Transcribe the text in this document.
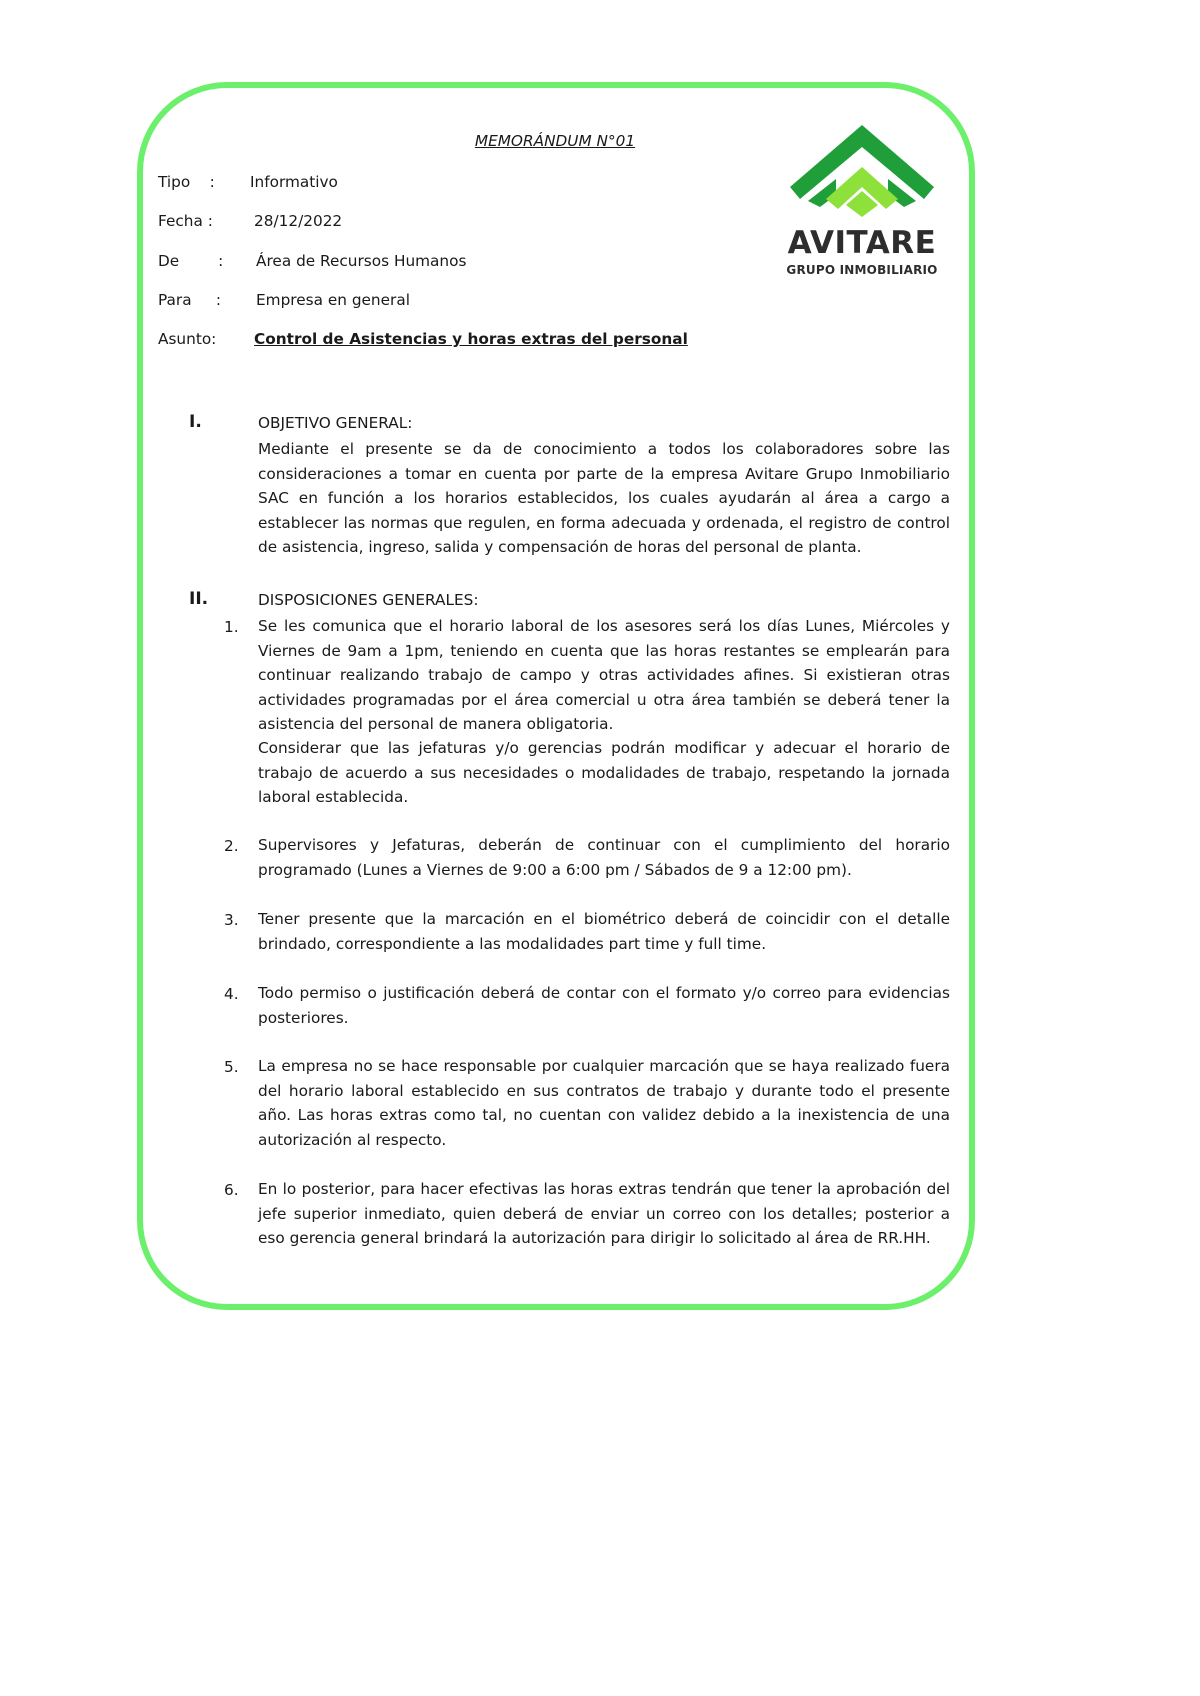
MEMORÁNDUM N°01
Tipo    : Informativo
Fecha :	28/12/2022
De        : Área de Recursos Humanos
Para     : Empresa en general
Asunto: Control de Asistencias y horas extras del personal
AVITARE
GRUPO INMOBILIARIO
I.	OBJETIVO GENERAL:

Mediante el presente se da de conocimiento a todos los colaboradores sobre las consideraciones a tomar en cuenta por parte de la empresa Avitare Grupo Inmobiliario SAC en función a los horarios establecidos, los cuales ayudarán al área a cargo a establecer las normas que regulen, en forma adecuada y ordenada, el registro de control de asistencia, ingreso, salida y compensación de horas del personal de planta.

II.	DISPOSICIONES GENERALES:
1. Se les comunica que el horario laboral de los asesores será los días Lunes, Miércoles y Viernes de 9am a 1pm, teniendo en cuenta que las horas restantes se emplearán para continuar realizando trabajo de campo y otras actividades afines. Si existieran otras actividades programadas por el área comercial u otra área también se deberá tener la asistencia del personal de manera obligatoria.

Considerar que las jefaturas y/o gerencias podrán modificar y adecuar el horario de trabajo de acuerdo a sus necesidades o modalidades de trabajo, respetando la jornada laboral establecida.

2. Supervisores y Jefaturas, deberán de continuar con el cumplimiento del horario programado (Lunes a Viernes de 9:00 a 6:00 pm / Sábados de 9 a 12:00 pm).

3. Tener presente que la marcación en el biométrico deberá de coincidir con el detalle brindado, correspondiente a las modalidades part time y full time.

4. Todo permiso o justificación deberá de contar con el formato y/o correo para evidencias posteriores.

5. La empresa no se hace responsable por cualquier marcación que se haya realizado fuera del horario laboral establecido en sus contratos de trabajo y durante todo el presente año. Las horas extras como tal, no cuentan con validez debido a la inexistencia de una autorización al respecto.

6. En lo posterior, para hacer efectivas las horas extras tendrán que tener la aprobación del jefe superior inmediato, quien deberá de enviar un correo con los detalles; posterior a eso gerencia general brindará la autorización para dirigir lo solicitado al área de RR.HH.
